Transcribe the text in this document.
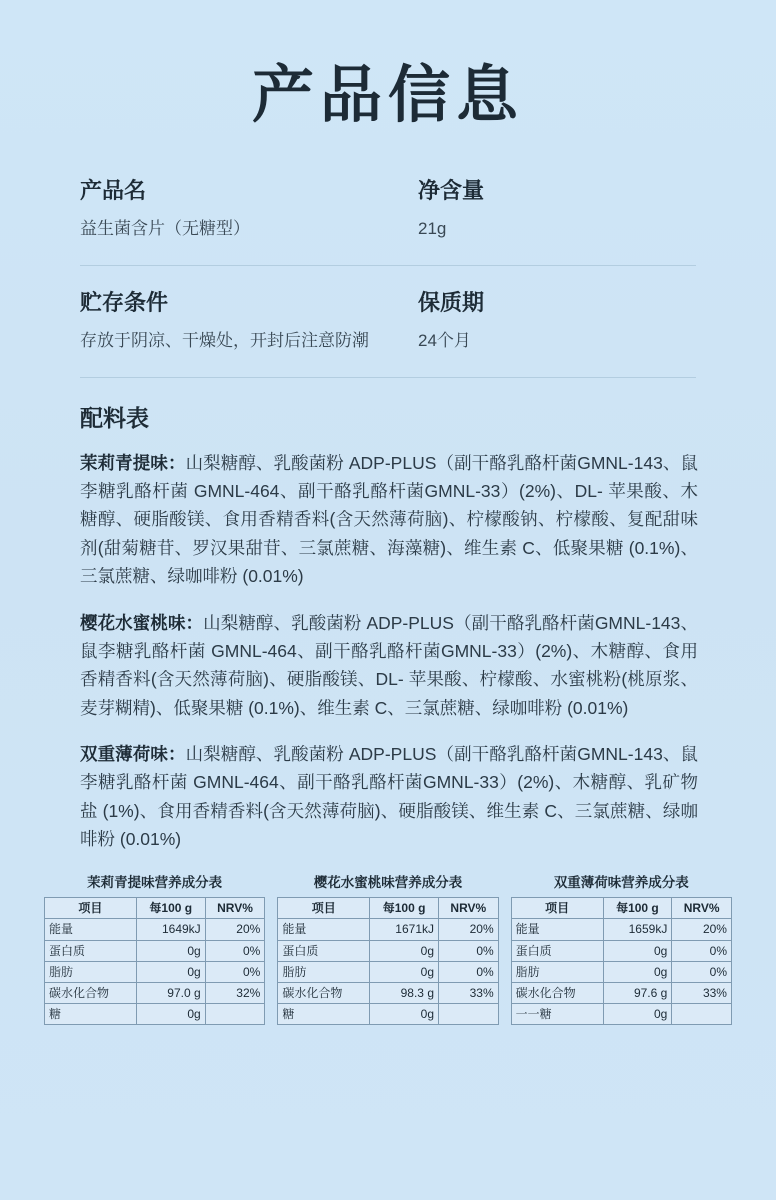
产品信息
产品名
益生菌含片（无糖型）
净含量
21g
贮存条件
存放于阴凉、干燥处，开封后注意防潮
保质期
24个月
配料表
茉莉青提味：山梨糖醇、乳酸菌粉 ADP-PLUS（副干酪乳酪杆菌GMNL-143、鼠李糖乳酪杆菌 GMNL-464、副干酪乳酪杆菌GMNL-33）(2%)、DL- 苹果酸、木糖醇、硬脂酸镁、食用香精香料(含天然薄荷脑)、柠檬酸钠、柠檬酸、复配甜味剂(甜菊糖苷、罗汉果甜苷、三氯蔗糖、海藻糖)、维生素 C、低聚果糖 (0.1%)、三氯蔗糖、绿咖啡粉 (0.01%)
樱花水蜜桃味：山梨糖醇、乳酸菌粉 ADP-PLUS（副干酪乳酪杆菌GMNL-143、鼠李糖乳酪杆菌 GMNL-464、副干酪乳酪杆菌GMNL-33）(2%)、木糖醇、食用香精香料(含天然薄荷脑)、硬脂酸镁、DL- 苹果酸、柠檬酸、水蜜桃粉(桃原浆、麦芽糊精)、低聚果糖 (0.1%)、维生素 C、三氯蔗糖、绿咖啡粉 (0.01%)
双重薄荷味：山梨糖醇、乳酸菌粉 ADP-PLUS（副干酪乳酪杆菌GMNL-143、鼠李糖乳酪杆菌 GMNL-464、副干酪乳酪杆菌GMNL-33）(2%)、木糖醇、乳矿物盐 (1%)、食用香精香料(含天然薄荷脑)、硬脂酸镁、维生素 C、三氯蔗糖、绿咖啡粉 (0.01%)
茉莉青提味营养成分表
项目	每100 g	NRV%
能量	1649kJ	20%
蛋白质	0g	0%
脂肪	0g	0%
碳水化合物	97.0 g	32%
糖	0g	
樱花水蜜桃味营养成分表
项目	每100 g	NRV%
能量	1671kJ	20%
蛋白质	0g	0%
脂肪	0g	0%
碳水化合物	98.3 g	33%
糖	0g	
双重薄荷味营养成分表
项目	每100 g	NRV%
能量	1659kJ	20%
蛋白质	0g	0%
脂肪	0g	0%
碳水化合物	97.6 g	33%
一一糖	0g	
